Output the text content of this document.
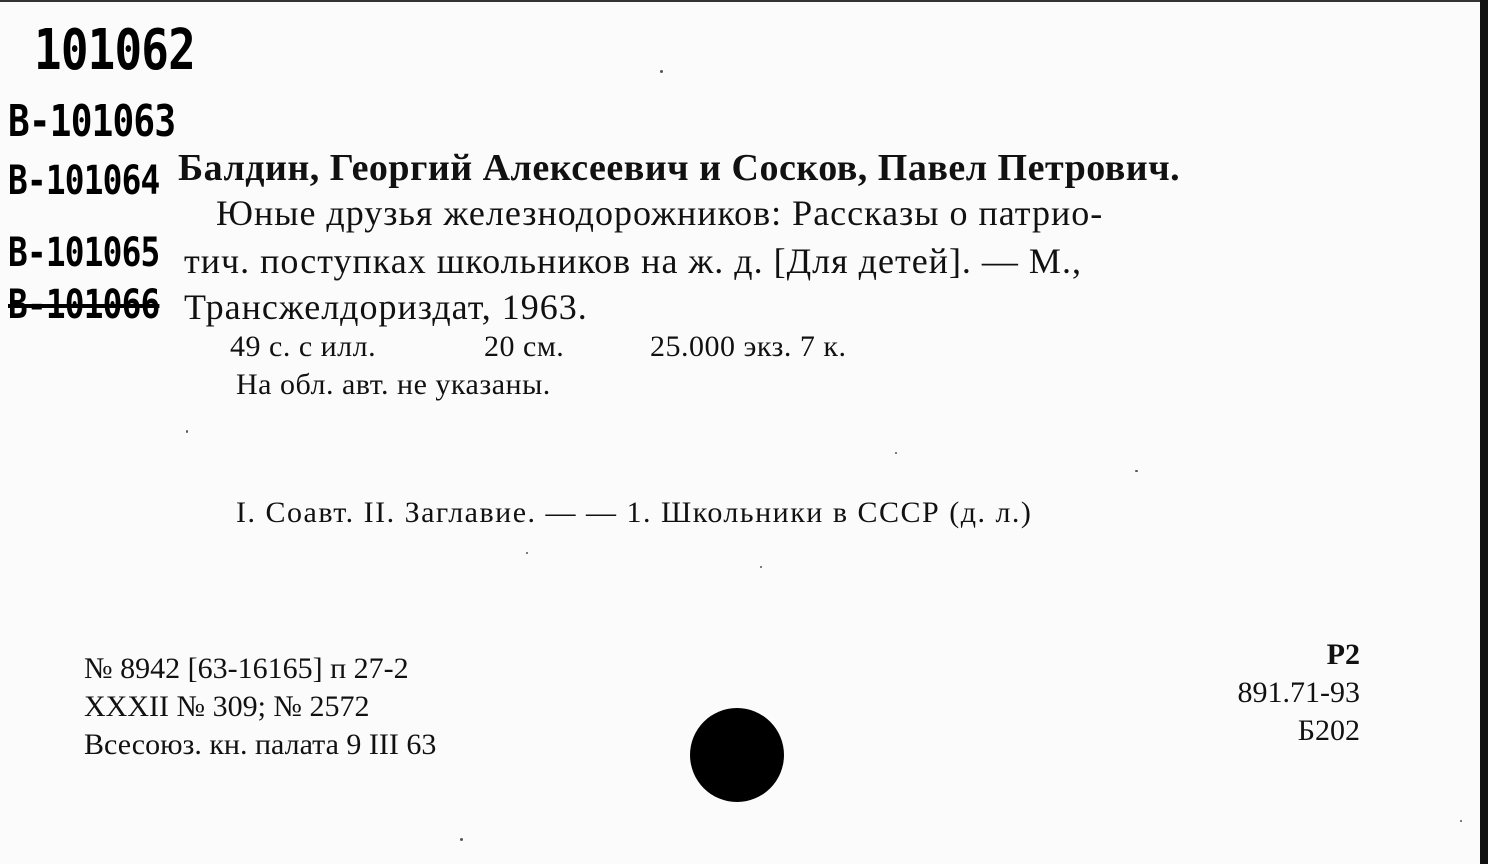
101062
B-101063
B-101064
B-101065
B-101066
Балдин, Георгий Алексеевич и Сосков, Павел Петрович.
Юные друзья железнодорожников: Рассказы о патрио-
тич. поступках школьников на ж. д. [Для детей]. — М.,
Трансжелдориздат, 1963.
49 с. с илл.	20 см.	25.000 экз. 7 к.
На обл. авт. не указаны.
I. Соавт. II. Заглавие. — — 1. Школьники в СССР (д. л.)
№ 8942 [63-16165] п 27-2
XXXII № 309; № 2572
Всесоюз. кн. палата 9 III 63
Р2
891.71-93
Б202
